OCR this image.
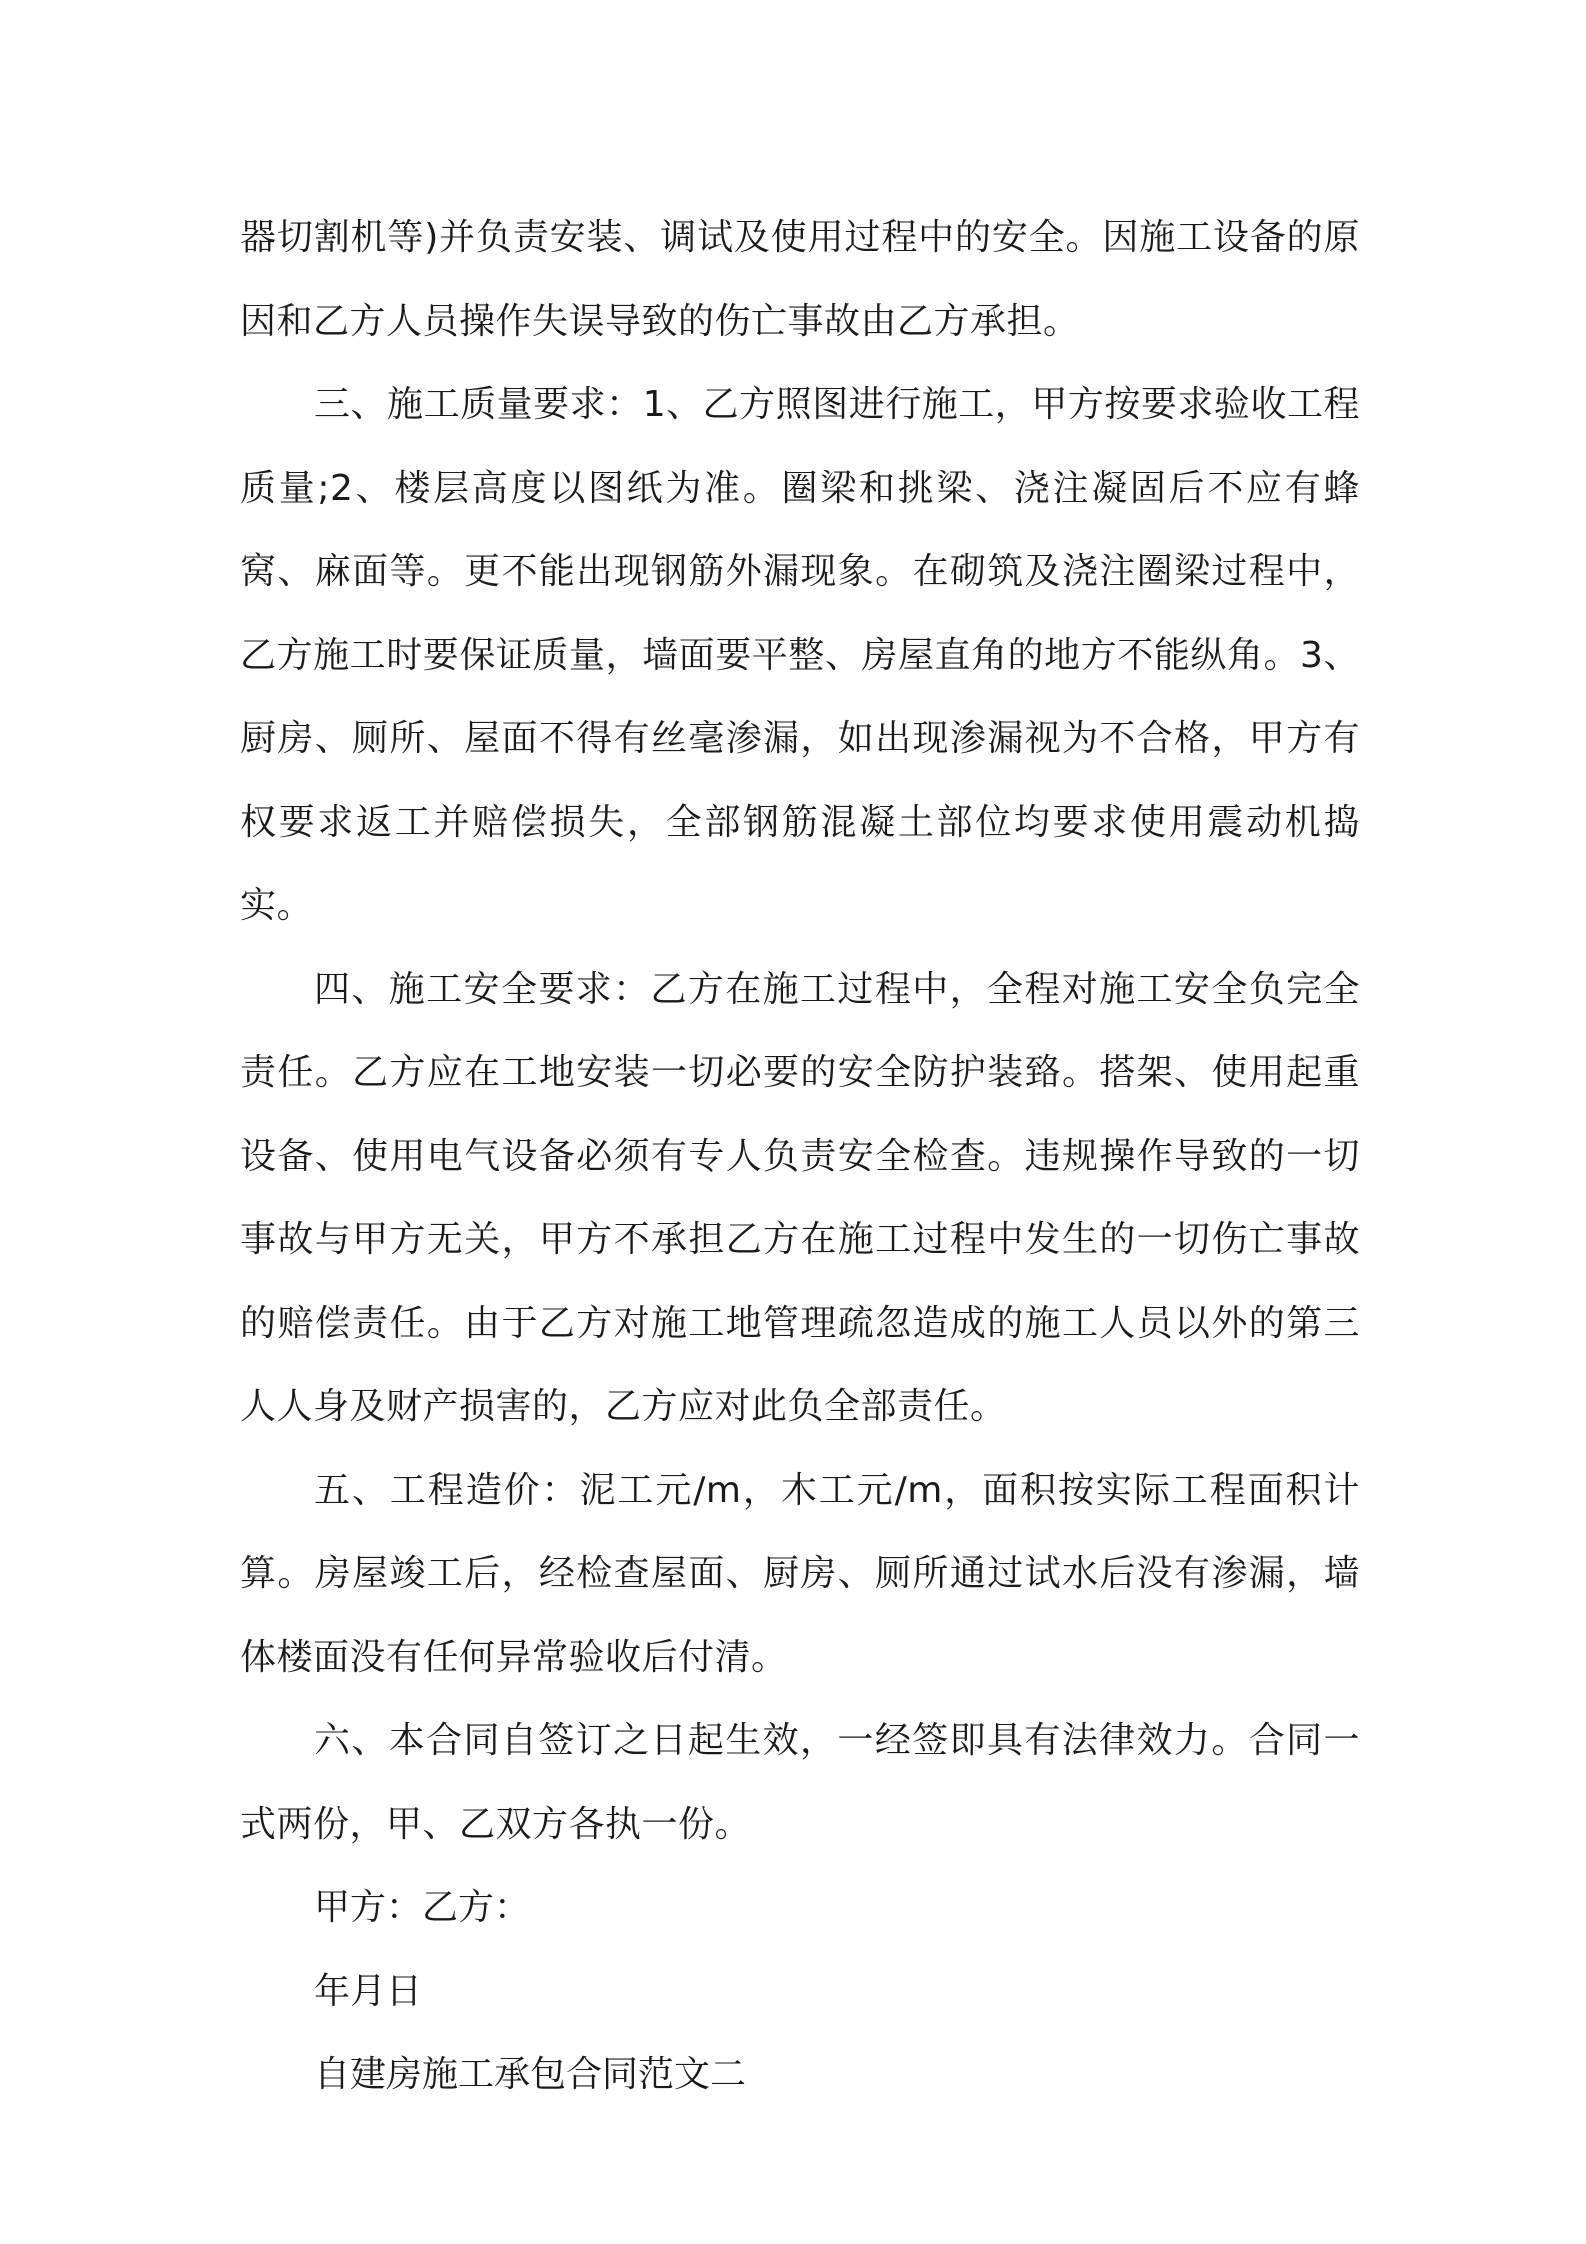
器切割机等)并负责安装、调试及使用过程中的安全。因施工设备的原因和乙方人员操作失误导致的伤亡事故由乙方承担。

三、施工质量要求：1、乙方照图进行施工，甲方按要求验收工程质量;2、楼层高度以图纸为准。圈梁和挑梁、浇注凝固后不应有蜂窝、麻面等。更不能出现钢筋外漏现象。在砌筑及浇注圈梁过程中，乙方施工时要保证质量，墙面要平整、房屋直角的地方不能纵角。3、厨房、厕所、屋面不得有丝毫渗漏，如出现渗漏视为不合格，甲方有权要求返工并赔偿损失，全部钢筋混凝土部位均要求使用震动机捣实。

四、施工安全要求：乙方在施工过程中，全程对施工安全负完全责任。乙方应在工地安装一切必要的安全防护装臵。搭架、使用起重设备、使用电气设备必须有专人负责安全检查。违规操作导致的一切事故与甲方无关，甲方不承担乙方在施工过程中发生的一切伤亡事故的赔偿责任。由于乙方对施工地管理疏忽造成的施工人员以外的第三人人身及财产损害的，乙方应对此负全部责任。

五、工程造价：泥工元/m，木工元/m，面积按实际工程面积计算。房屋竣工后，经检查屋面、厨房、厕所通过试水后没有渗漏，墙体楼面没有任何异常验收后付清。

六、本合同自签订之日起生效，一经签即具有法律效力。合同一式两份，甲、乙双方各执一份。

甲方：乙方：

年月日

自建房施工承包合同范文二
